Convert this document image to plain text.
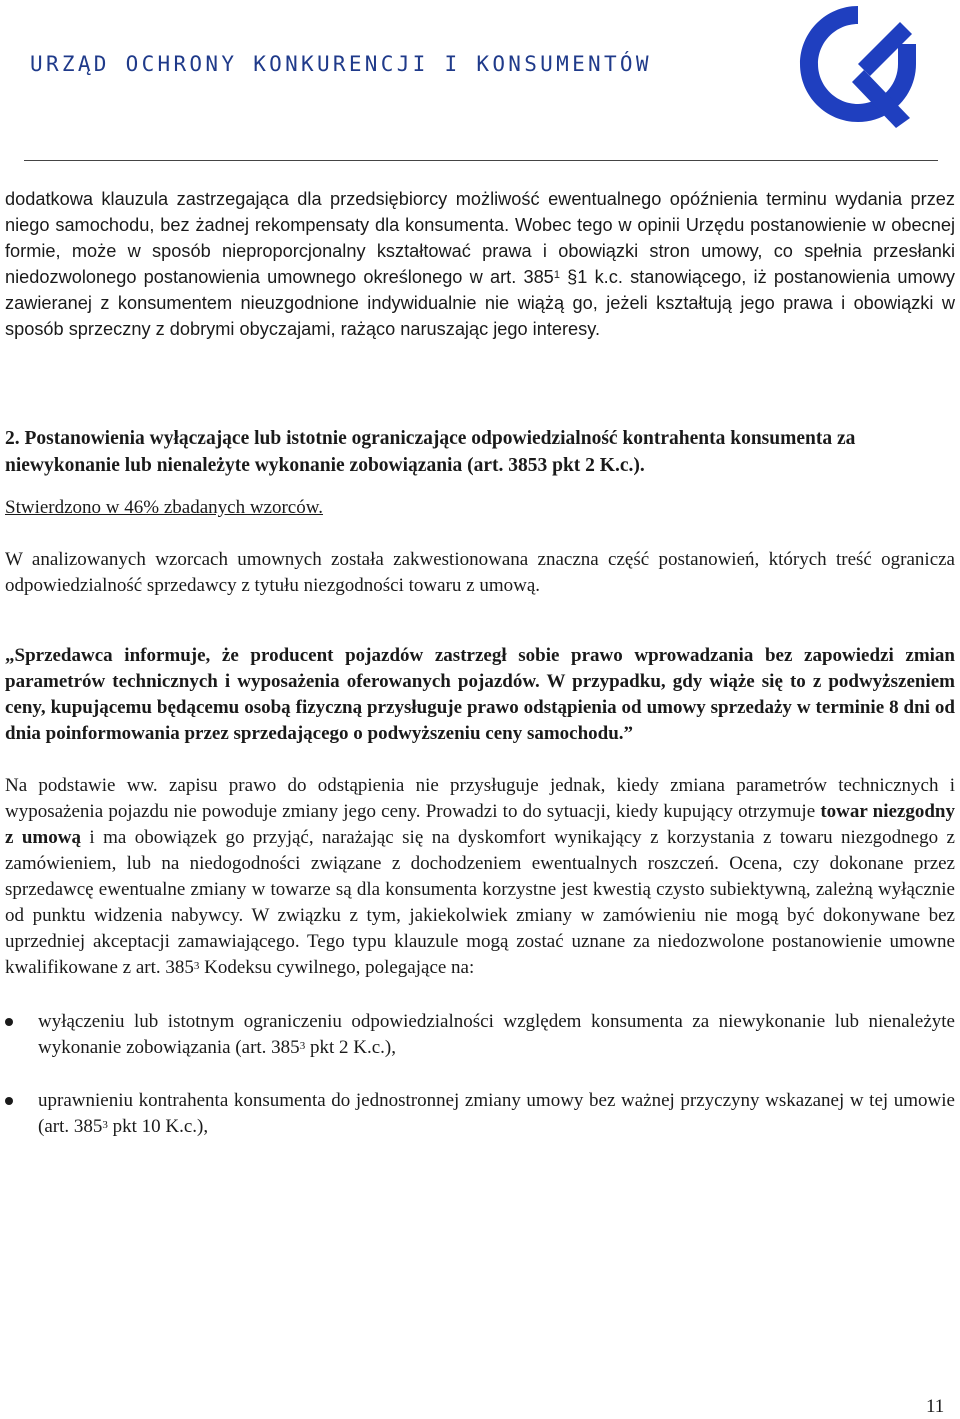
URZĄD OCHRONY KONKURENCJI I KONSUMENTÓW

dodatkowa klauzula zastrzegająca dla przedsiębiorcy możliwość ewentualnego opóźnienia terminu wydania przez niego samochodu, bez żadnej rekompensaty dla konsumenta. Wobec tego w opinii Urzędu postanowienie w obecnej formie, może w sposób nieproporcjonalny kształtować prawa i obowiązki stron umowy, co spełnia przesłanki niedozwolonego postanowienia umownego określonego w art. $385^1$ §1 k.c. stanowiącego, iż postanowienia umowy zawieranej z konsumentem nieuzgodnione indywidualnie nie wiążą go, jeżeli kształtują jego prawa i obowiązki w sposób sprzeczny z dobrymi obyczajami, rażąco naruszając jego interesy.

2. Postanowienia wyłączające lub istotnie ograniczające odpowiedzialność kontrahenta konsumenta za niewykonanie lub nienależyte wykonanie zobowiązania (art. 3853 pkt 2 K.c.).

Stwierdzono w 46% zbadanych wzorców.

W analizowanych wzorcach umownych została zakwestionowana znaczna część postanowień, których treść ogranicza odpowiedzialność sprzedawcy z tytułu niezgodności towaru z umową.

„Sprzedawca informuje, że producent pojazdów zastrzegł sobie prawo wprowadzania bez zapowiedzi zmian parametrów technicznych i wyposażenia oferowanych pojazdów. W przypadku, gdy wiąże się to z podwyższeniem ceny, kupującemu będącemu osobą fizyczną przysługuje prawo odstąpienia od umowy sprzedaży w terminie 8 dni od dnia poinformowania przez sprzedającego o podwyższeniu ceny samochodu.”

Na podstawie ww. zapisu prawo do odstąpienia nie przysługuje jednak, kiedy zmiana parametrów technicznych i wyposażenia pojazdu nie powoduje zmiany jego ceny. Prowadzi to do sytuacji, kiedy kupujący otrzymuje towar niezgodny z umową i ma obowiązek go przyjąć, narażając się na dyskomfort wynikający z korzystania z towaru niezgodnego z zamówieniem, lub na niedogodności związane z dochodzeniem ewentualnych roszczeń. Ocena, czy dokonane przez sprzedawcę ewentualne zmiany w towarze są dla konsumenta korzystne jest kwestią czysto subiektywną, zależną wyłącznie od punktu widzenia nabywcy. W związku z tym, jakiekolwiek zmiany w zamówieniu nie mogą być dokonywane bez uprzedniej akceptacji zamawiającego. Tego typu klauzule mogą zostać uznane za niedozwolone postanowienie umowne kwalifikowane z art. $385^3$ Kodeksu cywilnego, polegające na:

wyłączeniu lub istotnym ograniczeniu odpowiedzialności względem konsumenta za niewykonanie lub nienależyte wykonanie zobowiązania (art. $385^3$ pkt 2 K.c.),
uprawnieniu kontrahenta konsumenta do jednostronnej zmiany umowy bez ważnej przyczyny wskazanej w tej umowie (art. $385^3$ pkt 10 K.c.),
11
